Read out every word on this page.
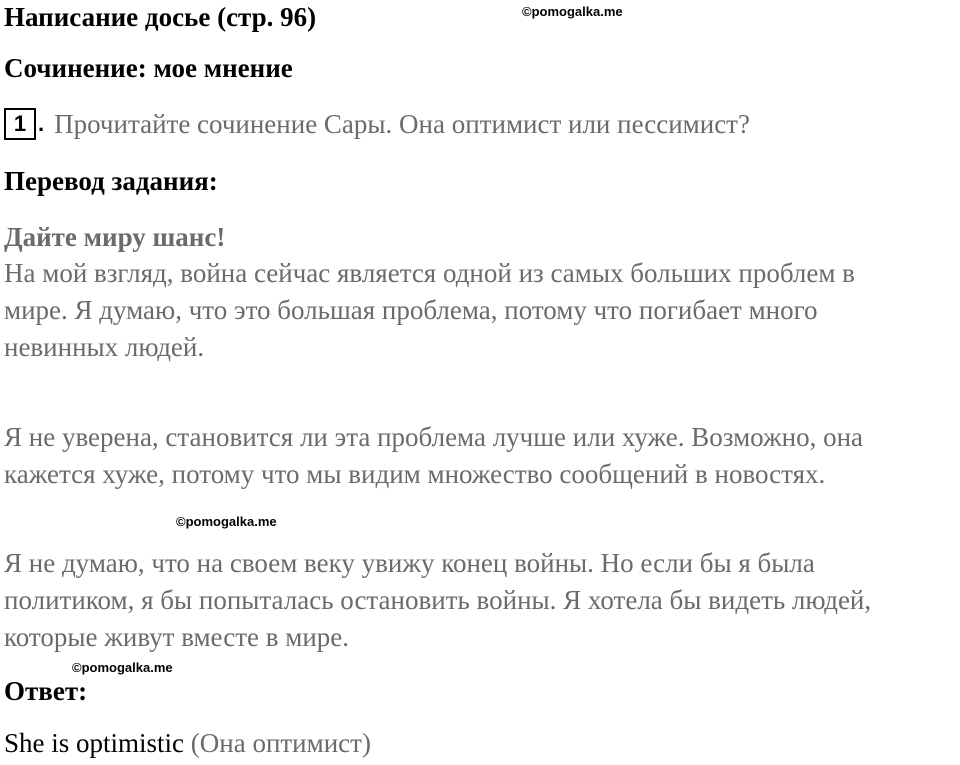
Написание досье (стр. 96)	©pomogalka.me
Сочинение: мое мнение
1 . Прочитайте сочинение Сары. Она оптимист или пессимист?
Перевод задания:
Дайте миру шанс!
На мой взгляд, война сейчас является одной из самых больших проблем в
мире. Я думаю, что это большая проблема, потому что погибает много
невинных людей.
Я не уверена, становится ли эта проблема лучше или хуже. Возможно, она
кажется хуже, потому что мы видим множество сообщений в новостях.
©pomogalka.me
Я не думаю, что на своем веку увижу конец войны. Но если бы я была
политиком, я бы попыталась остановить войны. Я хотела бы видеть людей,
которые живут вместе в мире.
©pomogalka.me
Ответ:
She is optimistic (Она оптимист)
